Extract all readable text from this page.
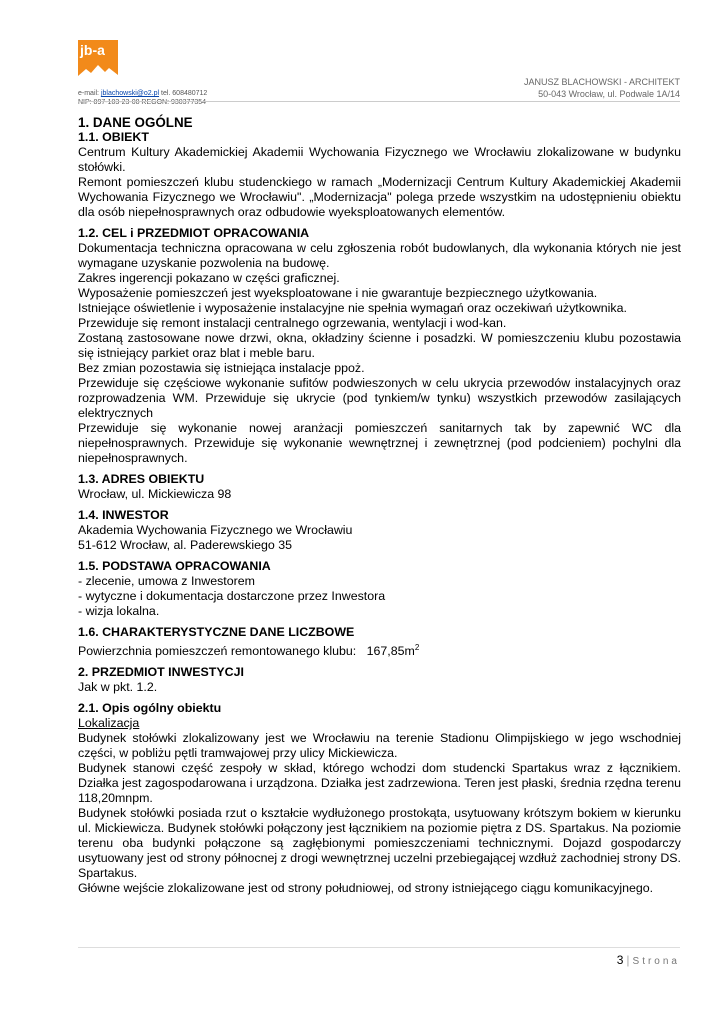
jb-a
e-mail: jblachowski@o2.pl tel. 608480712
NIP: 897-103-23-08 REGON: 930377354
JANUSZ BLACHOWSKI - ARCHITEKT
50-043 Wrocław, ul. Podwale 1A/14

1. DANE OGÓLNE

1.1. OBIEKT

Centrum Kultury Akademickiej Akademii Wychowania Fizycznego we Wrocławiu zlokalizowane w budynku stołówki.

Remont pomieszczeń klubu studenckiego w ramach „Modernizacji Centrum Kultury Akademickiej Akademii Wychowania Fizycznego we Wrocławiu". „Modernizacja" polega przede wszystkim na udostępnieniu obiektu dla osób niepełnosprawnych oraz odbudowie wyeksploatowanych elementów.

1.2. CEL i PRZEDMIOT OPRACOWANIA

Dokumentacja techniczna opracowana w celu zgłoszenia robót budowlanych, dla wykonania których nie jest wymagane uzyskanie pozwolenia na budowę.

Zakres ingerencji pokazano w części graficznej.

Wyposażenie pomieszczeń jest wyeksploatowane i nie gwarantuje bezpiecznego użytkowania.

Istniejące oświetlenie i wyposażenie instalacyjne nie spełnia wymagań oraz oczekiwań użytkownika.

Przewiduje się remont instalacji centralnego ogrzewania, wentylacji i wod-kan.

Zostaną zastosowane nowe drzwi, okna, okładziny ścienne i posadzki. W pomieszczeniu klubu pozostawia się istniejący parkiet oraz blat i meble baru.

Bez zmian pozostawia się istniejąca instalacje ppoż.

Przewiduje się częściowe wykonanie sufitów podwieszonych w celu ukrycia przewodów instalacyjnych oraz rozprowadzenia WM. Przewiduje się ukrycie (pod tynkiem/w tynku) wszystkich przewodów zasilających elektrycznych

Przewiduje się wykonanie nowej aranżacji pomieszczeń sanitarnych tak by zapewnić WC dla niepełnosprawnych. Przewiduje się wykonanie wewnętrznej i zewnętrznej (pod podcieniem) pochylni dla niepełnosprawnych.

1.3. ADRES OBIEKTU

Wrocław, ul. Mickiewicza 98

1.4. INWESTOR

Akademia Wychowania Fizycznego we Wrocławiu

51-612 Wrocław, al. Paderewskiego 35

1.5. PODSTAWA OPRACOWANIA

- zlecenie, umowa z Inwestorem

- wytyczne i dokumentacja dostarczone przez Inwestora

- wizja lokalna.

1.6. CHARAKTERYSTYCZNE DANE LICZBOWE

Powierzchnia pomieszczeń remontowanego klubu: $167,85m^2$

2. PRZEDMIOT INWESTYCJI

Jak w pkt. 1.2.

2.1. Opis ogólny obiektu

Lokalizacja

Budynek stołówki zlokalizowany jest we Wrocławiu na terenie Stadionu Olimpijskiego w jego wschodniej części, w pobliżu pętli tramwajowej przy ulicy Mickiewicza.

Budynek stanowi część zespoły w skład, którego wchodzi dom studencki Spartakus wraz z łącznikiem. Działka jest zagospodarowana i urządzona. Działka jest zadrzewiona. Teren jest płaski, średnia rzędna terenu 118,20mnpm.

Budynek stołówki posiada rzut o kształcie wydłużonego prostokąta, usytuowany krótszym bokiem w kierunku ul. Mickiewicza. Budynek stołówki połączony jest łącznikiem na poziomie piętra z DS. Spartakus. Na poziomie terenu oba budynki połączone są zagłębionymi pomieszczeniami technicznymi. Dojazd gospodarczy usytuowany jest od strony północnej z drogi wewnętrznej uczelni przebiegającej wzdłuż zachodniej strony DS. Spartakus.

Główne wejście zlokalizowane jest od strony południowej, od strony istniejącego ciągu komunikacyjnego.

3 | Strona
